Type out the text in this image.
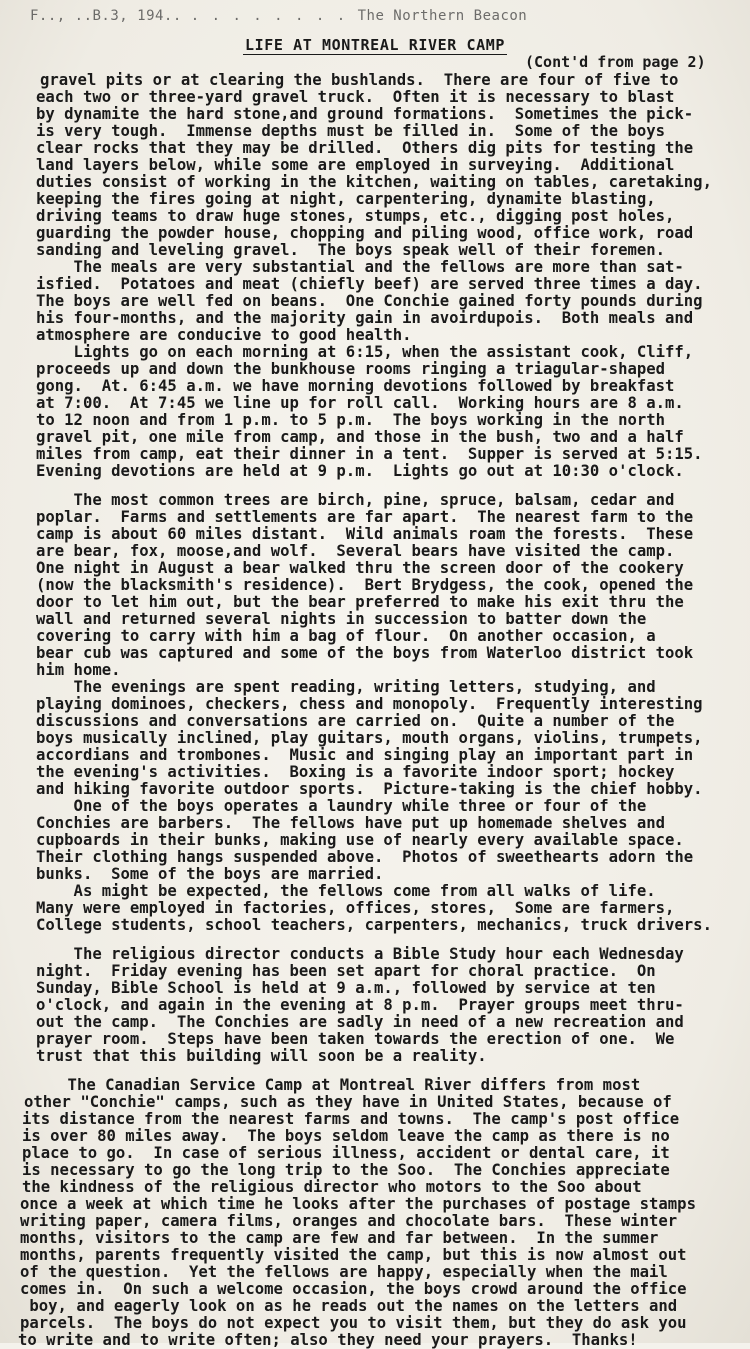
F.., ..B.3, 194.. . . . . . . . . The Northern Beacon
LIFE AT MONTREAL RIVER CAMP
(Cont'd from page 2)
gravel pits or at clearing the bushlands.  There are four of five to
each two or three-yard gravel truck.  Often it is necessary to blast
by dynamite the hard stone,and ground formations.  Sometimes the pick-
is very tough.  Immense depths must be filled in.  Some of the boys
clear rocks that they may be drilled.  Others dig pits for testing the
land layers below, while some are employed in surveying.  Additional
duties consist of working in the kitchen, waiting on tables, caretaking,
keeping the fires going at night, carpentering, dynamite blasting,
driving teams to draw huge stones, stumps, etc., digging post holes,
guarding the powder house, chopping and piling wood, office work, road
sanding and leveling gravel.  The boys speak well of their foremen.
The meals are very substantial and the fellows are more than sat-
isfied.  Potatoes and meat (chiefly beef) are served three times a day.
The boys are well fed on beans.  One Conchie gained forty pounds during
his four-months, and the majority gain in avoirdupois.  Both meals and
atmosphere are conducive to good health.
Lights go on each morning at 6:15, when the assistant cook, Cliff,
proceeds up and down the bunkhouse rooms ringing a triagular-shaped
gong.  At. 6:45 a.m. we have morning devotions followed by breakfast
at 7:00.  At 7:45 we line up for roll call.  Working hours are 8 a.m.
to 12 noon and from 1 p.m. to 5 p.m.  The boys working in the north
gravel pit, one mile from camp, and those in the bush, two and a half
miles from camp, eat their dinner in a tent.  Supper is served at 5:15.
Evening devotions are held at 9 p.m.  Lights go out at 10:30 o'clock.
The most common trees are birch, pine, spruce, balsam, cedar and
poplar.  Farms and settlements are far apart.  The nearest farm to the
camp is about 60 miles distant.  Wild animals roam the forests.  These
are bear, fox, moose,and wolf.  Several bears have visited the camp.
One night in August a bear walked thru the screen door of the cookery
(now the blacksmith's residence).  Bert Brydgess, the cook, opened the
door to let him out, but the bear preferred to make his exit thru the
wall and returned several nights in succession to batter down the
covering to carry with him a bag of flour.  On another occasion, a
bear cub was captured and some of the boys from Waterloo district took
him home.
The evenings are spent reading, writing letters, studying, and
playing dominoes, checkers, chess and monopoly.  Frequently interesting
discussions and conversations are carried on.  Quite a number of the
boys musically inclined, play guitars, mouth organs, violins, trumpets,
accordians and trombones.  Music and singing play an important part in
the evening's activities.  Boxing is a favorite indoor sport; hockey
and hiking favorite outdoor sports.  Picture-taking is the chief hobby.
One of the boys operates a laundry while three or four of the
Conchies are barbers.  The fellows have put up homemade shelves and
cupboards in their bunks, making use of nearly every available space.
Their clothing hangs suspended above.  Photos of sweethearts adorn the
bunks.  Some of the boys are married.
As might be expected, the fellows come from all walks of life.
Many were employed in factories, offices, stores,  Some are farmers,
College students, school teachers, carpenters, mechanics, truck drivers.
The religious director conducts a Bible Study hour each Wednesday
night.  Friday evening has been set apart for choral practice.  On
Sunday, Bible School is held at 9 a.m., followed by service at ten
o'clock, and again in the evening at 8 p.m.  Prayer groups meet thru-
out the camp.  The Conchies are sadly in need of a new recreation and
prayer room.  Steps have been taken towards the erection of one.  We
trust that this building will soon be a reality.
The Canadian Service Camp at Montreal River differs from most
other "Conchie" camps, such as they have in United States, because of
its distance from the nearest farms and towns.  The camp's post office
is over 80 miles away.  The boys seldom leave the camp as there is no
place to go.  In case of serious illness, accident or dental care, it
is necessary to go the long trip to the Soo.  The Conchies appreciate
the kindness of the religious director who motors to the Soo about
once a week at which time he looks after the purchases of postage stamps
writing paper, camera films, oranges and chocolate bars.  These winter
months, visitors to the camp are few and far between.  In the summer
months, parents frequently visited the camp, but this is now almost out
of the question.  Yet the fellows are happy, especially when the mail
comes in.  On such a welcome occasion, the boys crowd around the office
boy, and eagerly look on as he reads out the names on the letters and
parcels.  The boys do not expect you to visit them, but they do ask you
to write and to write often; also they need your prayers.  Thanks!
